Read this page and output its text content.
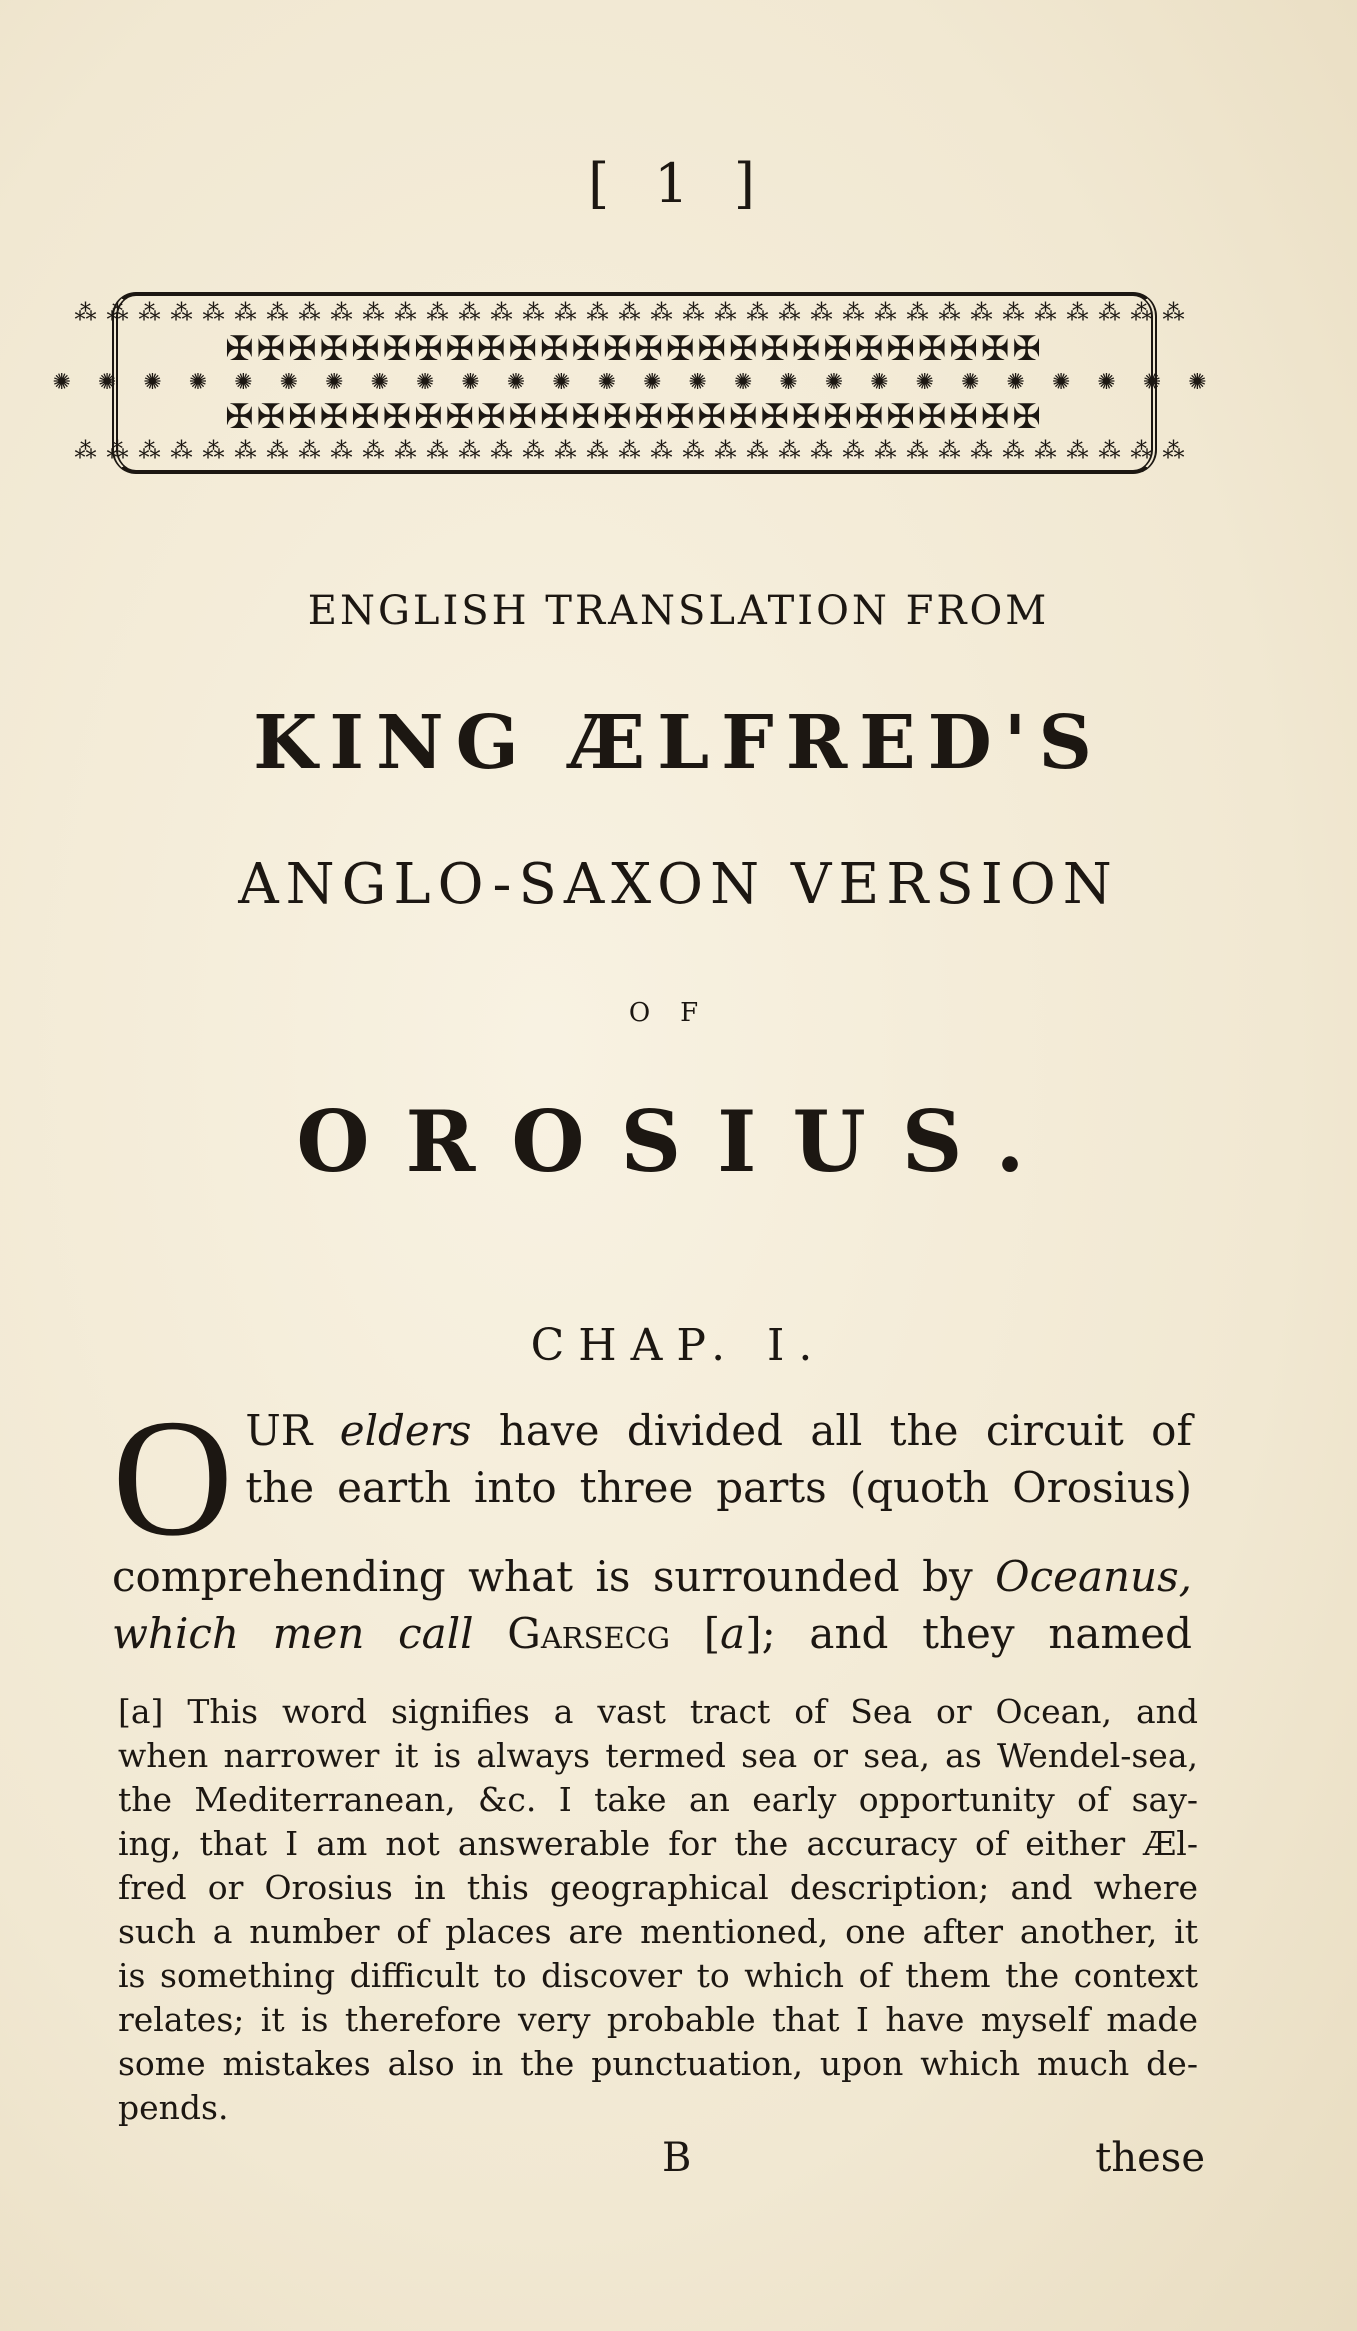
[ 1 ]
⁂⁂⁂⁂⁂⁂⁂⁂⁂⁂⁂⁂⁂⁂⁂⁂⁂⁂⁂⁂⁂⁂⁂⁂⁂⁂⁂⁂⁂⁂⁂⁂⁂⁂⁂
✠✠✠✠✠✠✠✠✠✠✠✠✠✠✠✠✠✠✠✠✠✠✠✠✠✠
✺ ✺ ✺ ✺ ✺ ✺ ✺ ✺ ✺ ✺ ✺ ✺ ✺ ✺ ✺ ✺ ✺ ✺ ✺ ✺ ✺ ✺ ✺ ✺ ✺ ✺
✠✠✠✠✠✠✠✠✠✠✠✠✠✠✠✠✠✠✠✠✠✠✠✠✠✠
⁂⁂⁂⁂⁂⁂⁂⁂⁂⁂⁂⁂⁂⁂⁂⁂⁂⁂⁂⁂⁂⁂⁂⁂⁂⁂⁂⁂⁂⁂⁂⁂⁂⁂⁂
ENGLISH TRANSLATION FROM
KING ÆLFRED'S
ANGLO-SAXON VERSION
OF
OROSIUS.
CHAP. I.
O UR elders have divided all the circuit of
the earth into three parts (quoth Orosius)
comprehending what is surrounded by Oceanus,
which men call Garsecg [a]; and they named
[a] This word signifies a vast tract of Sea or Ocean, and
when narrower it is always termed sea or sea, as Wendel-sea,
the Mediterranean, &c. I take an early opportunity of say-
ing, that I am not answerable for the accuracy of either Æl-
fred or Orosius in this geographical description; and where
such a number of places are mentioned, one after another, it
is something difficult to discover to which of them the context
relates; it is therefore very probable that I have myself made
some mistakes also in the punctuation, upon which much de-
pends.
B	these
